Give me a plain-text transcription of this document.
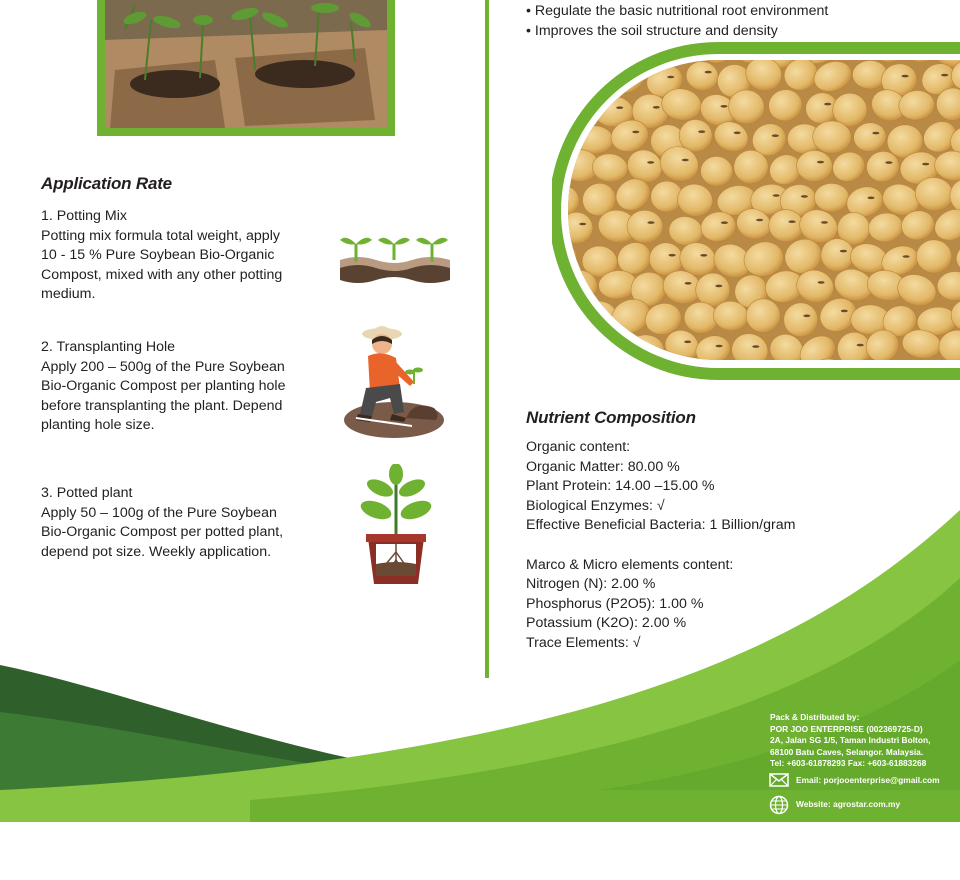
• Regulate the basic nutritional root environment
• Improves the soil structure and density
Application Rate
1. Potting Mix
Potting mix formula total weight, apply
10 - 15 % Pure Soybean Bio-Organic
Compost, mixed with any other potting
medium.
2. Transplanting Hole
Apply 200 – 500g of the Pure Soybean
Bio-Organic Compost per planting hole
before transplanting the plant. Depend
planting hole size.
3. Potted plant
Apply 50 – 100g of the Pure Soybean
Bio-Organic Compost per potted plant,
depend pot size. Weekly application.
Nutrient Composition
Organic content:
Organic Matter: 80.00 %
Plant Protein: 14.00 –15.00 %
Biological Enzymes: √
Effective Beneficial Bacteria: 1 Billion/gram
Marco & Micro elements content:
Nitrogen (N): 2.00 %
Phosphorus (P2O5): 1.00 %
Potassium (K2O): 2.00 %
Trace Elements: √
Pack & Distributed by:
POR JOO ENTERPRISE (002369725-D)
2A, Jalan SG 1/5, Taman Industri Bolton,
68100 Batu Caves, Selangor. Malaysia.
Tel: +603-61878293 Fax: +603-61883268
Email: porjooenterprise@gmail.com
Website: agrostar.com.my
